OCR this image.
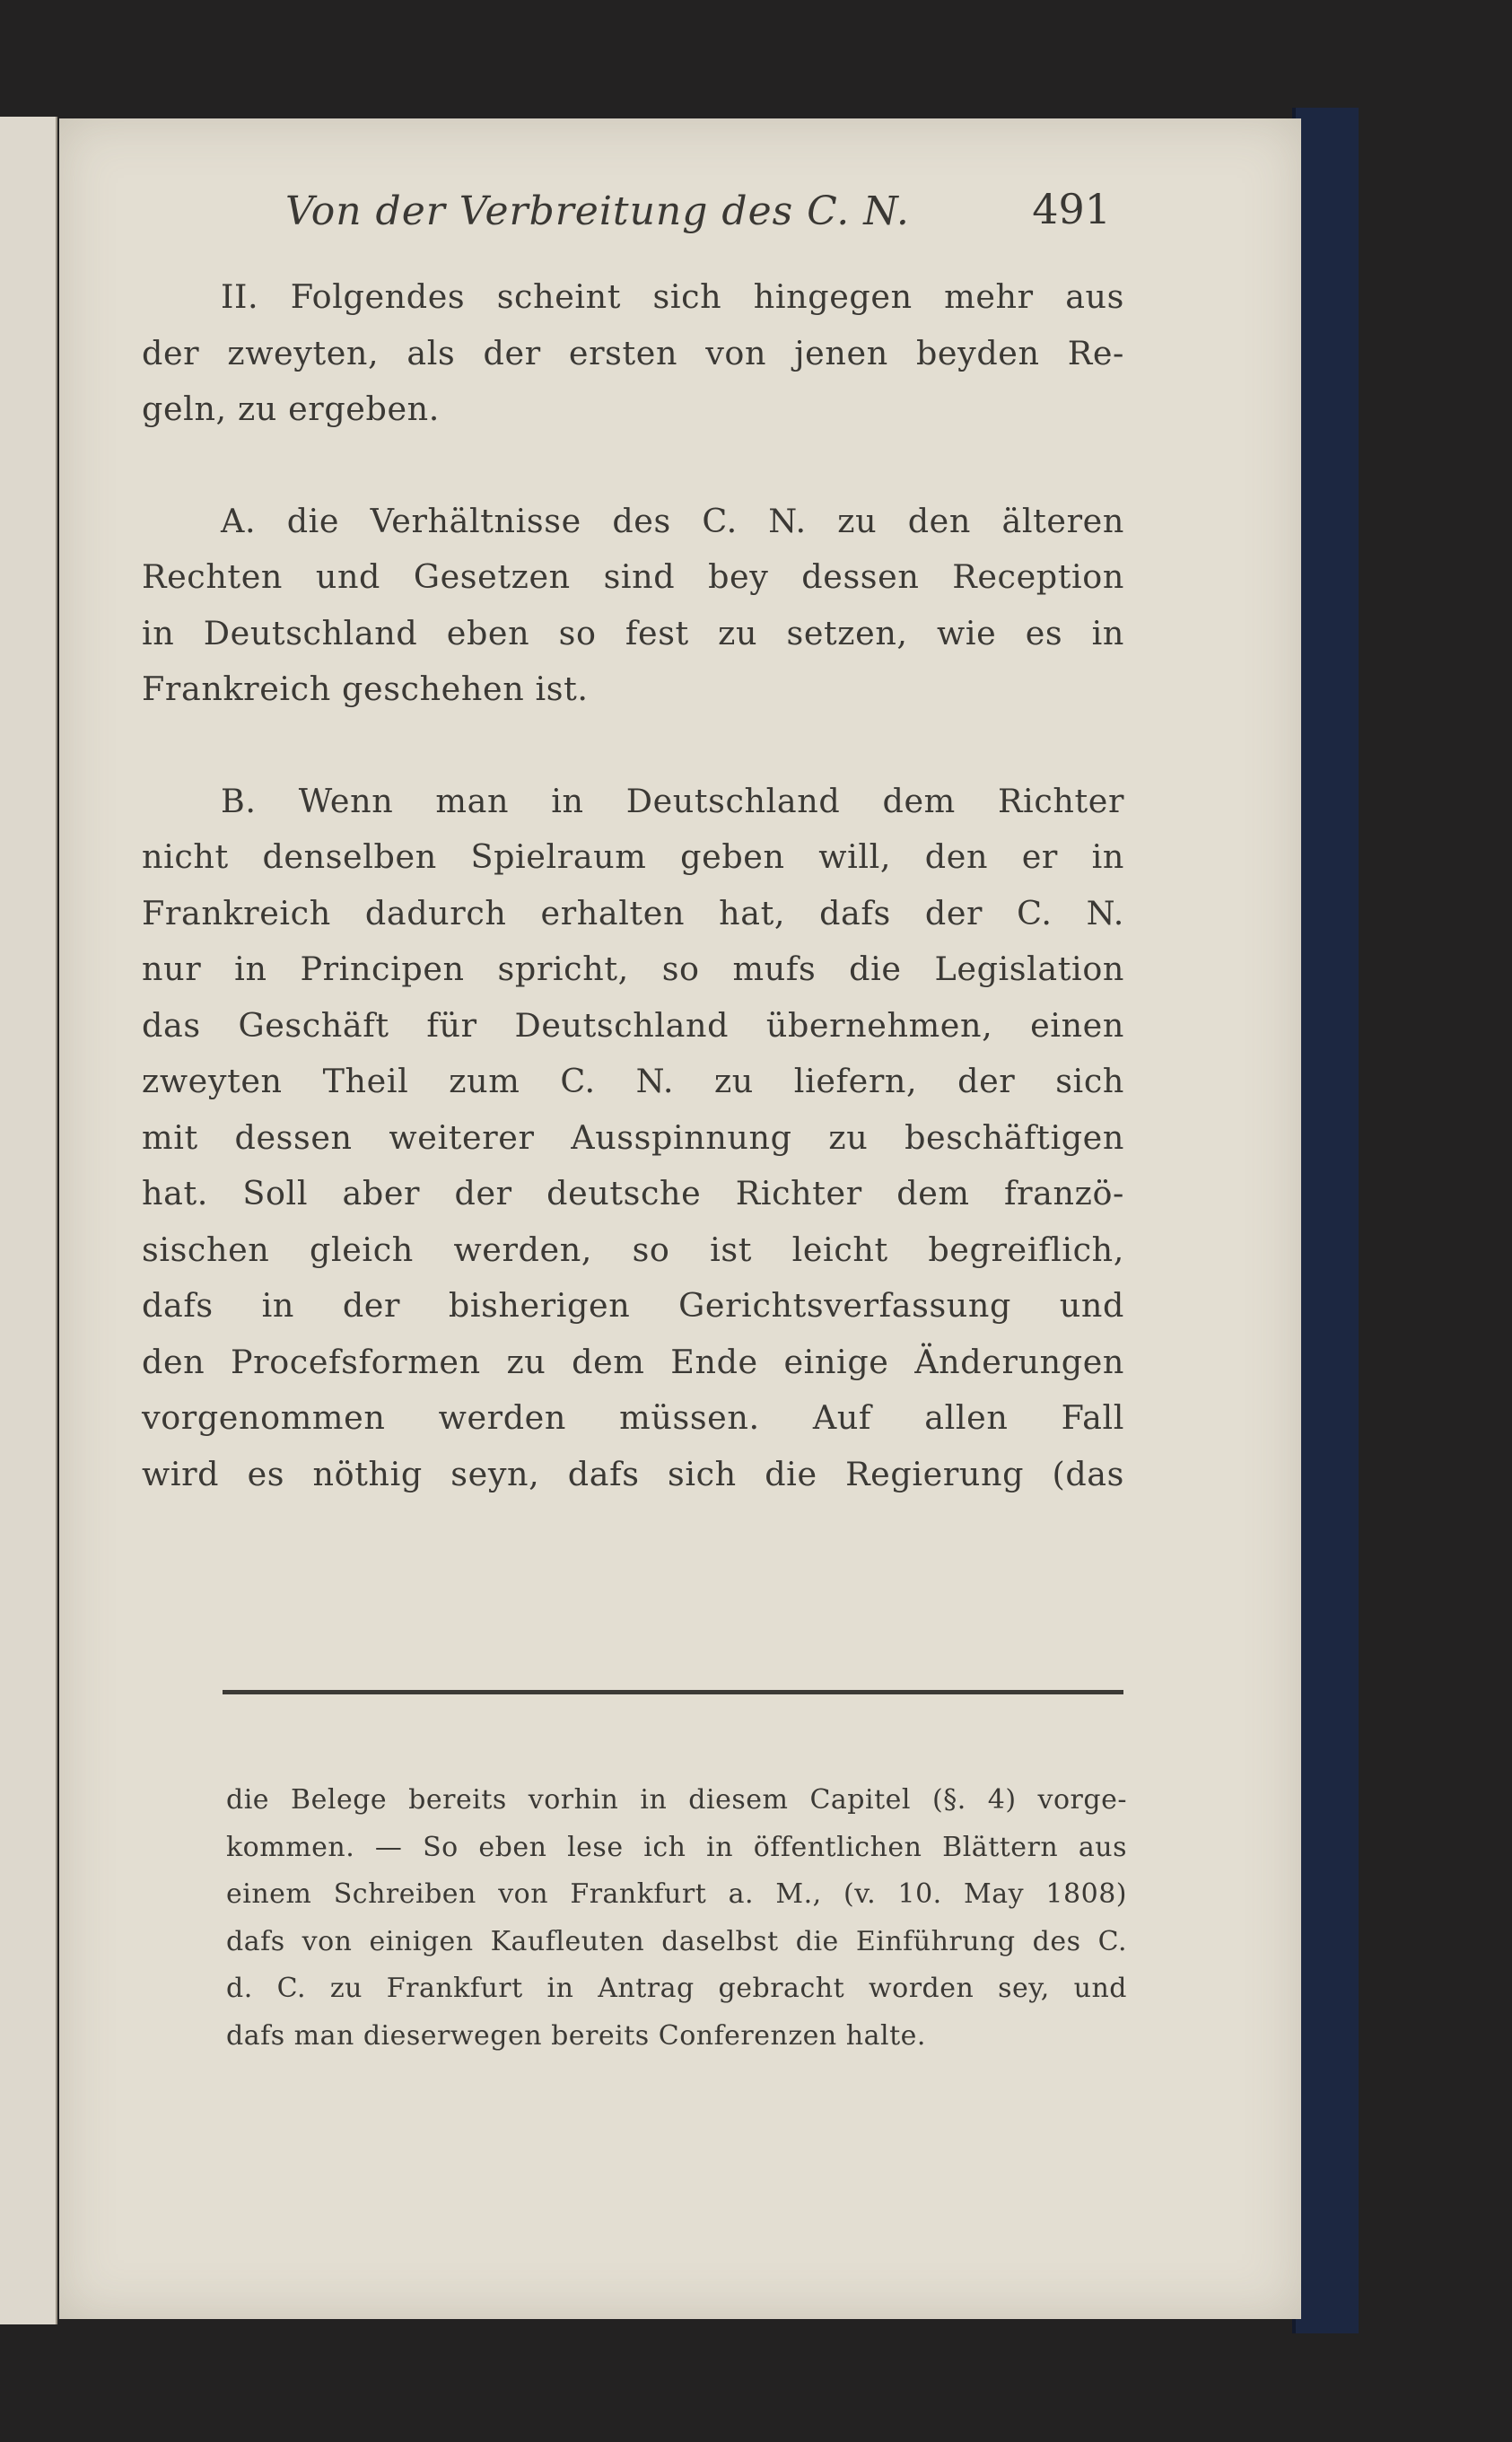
Von der Verbreitung des C. N.	491
II. Folgendes scheint sich hingegen mehr aus
der zweyten, als der ersten von jenen beyden Re-
geln, zu ergeben.
A. die Verhältnisse des C. N. zu den älteren
Rechten und Gesetzen sind bey dessen Reception
in Deutschland eben so fest zu setzen, wie es in
Frankreich geschehen ist.
B. Wenn man in Deutschland dem Richter
nicht denselben Spielraum geben will, den er in
Frankreich dadurch erhalten hat, dafs der C. N.
nur in Principen spricht, so mufs die Legislation
das Geschäft für Deutschland übernehmen, einen
zweyten Theil zum C. N. zu liefern, der sich
mit dessen weiterer Ausspinnung zu beschäftigen
hat. Soll aber der deutsche Richter dem franzö-
sischen gleich werden, so ist leicht begreiflich,
dafs in der bisherigen Gerichtsverfassung und
den Procefsformen zu dem Ende einige Änderungen
vorgenommen werden müssen. Auf allen Fall
wird es nöthig seyn, dafs sich die Regierung (das
die Belege bereits vorhin in diesem Capitel (§. 4) vorge-
kommen. — So eben lese ich in öffentlichen Blättern aus
einem Schreiben von Frankfurt a. M., (v. 10. May 1808)
dafs von einigen Kaufleuten daselbst die Einführung des C.
d. C. zu Frankfurt in Antrag gebracht worden sey, und
dafs man dieserwegen bereits Conferenzen halte.
